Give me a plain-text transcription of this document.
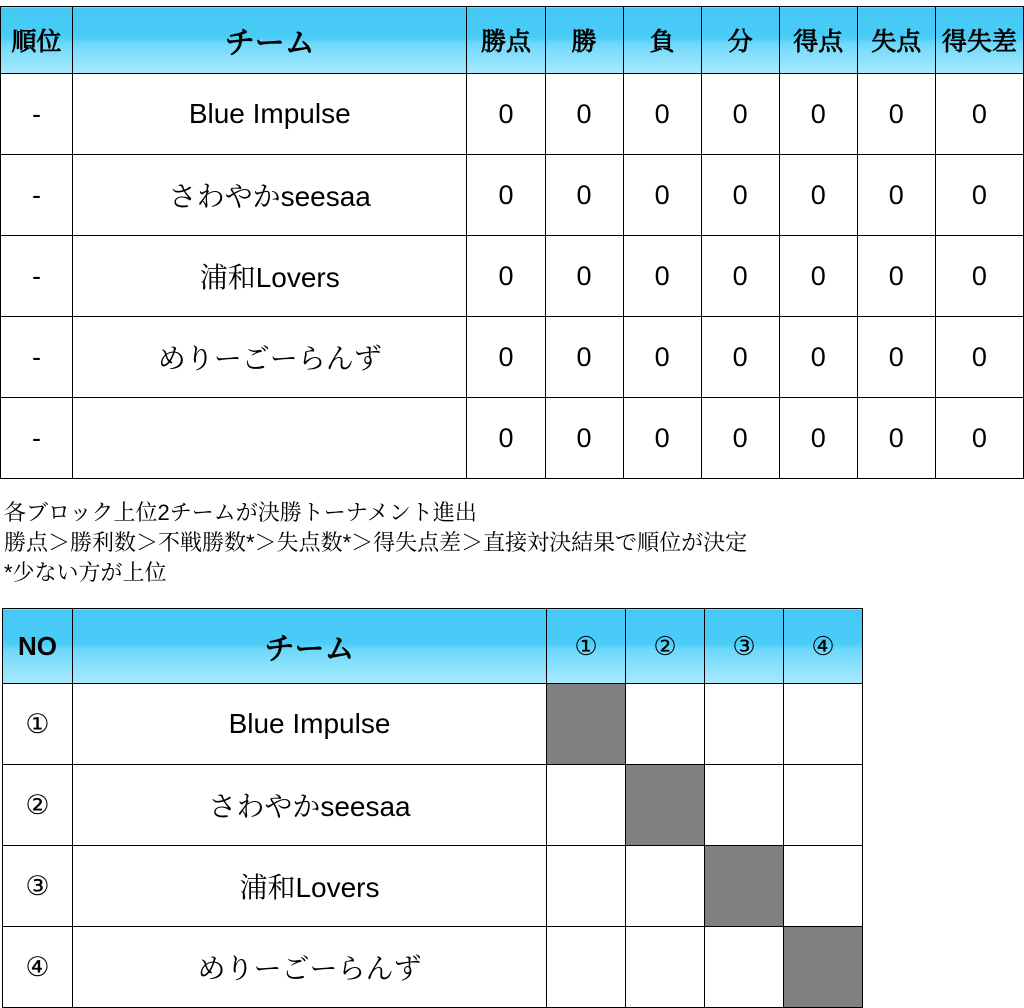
順位	チーム	勝点	勝	負	分	得点	失点	得失差
-	Blue Impulse	0	0	0	0	0	0	0
-	さわやかseesaa	0	0	0	0	0	0	0
-	浦和Lovers	0	0	0	0	0	0	0
-	めりーごーらんず	0	0	0	0	0	0	0
-		0	0	0	0	0	0	0
各ブロック上位2チームが決勝トーナメント進出
勝点＞勝利数＞不戦勝数*＞失点数*＞得失点差＞直接対決結果で順位が決定
*少ない方が上位
NO	チーム	①	②	③	④
①	Blue Impulse				
②	さわやかseesaa				
③	浦和Lovers				
④	めりーごーらんず				
